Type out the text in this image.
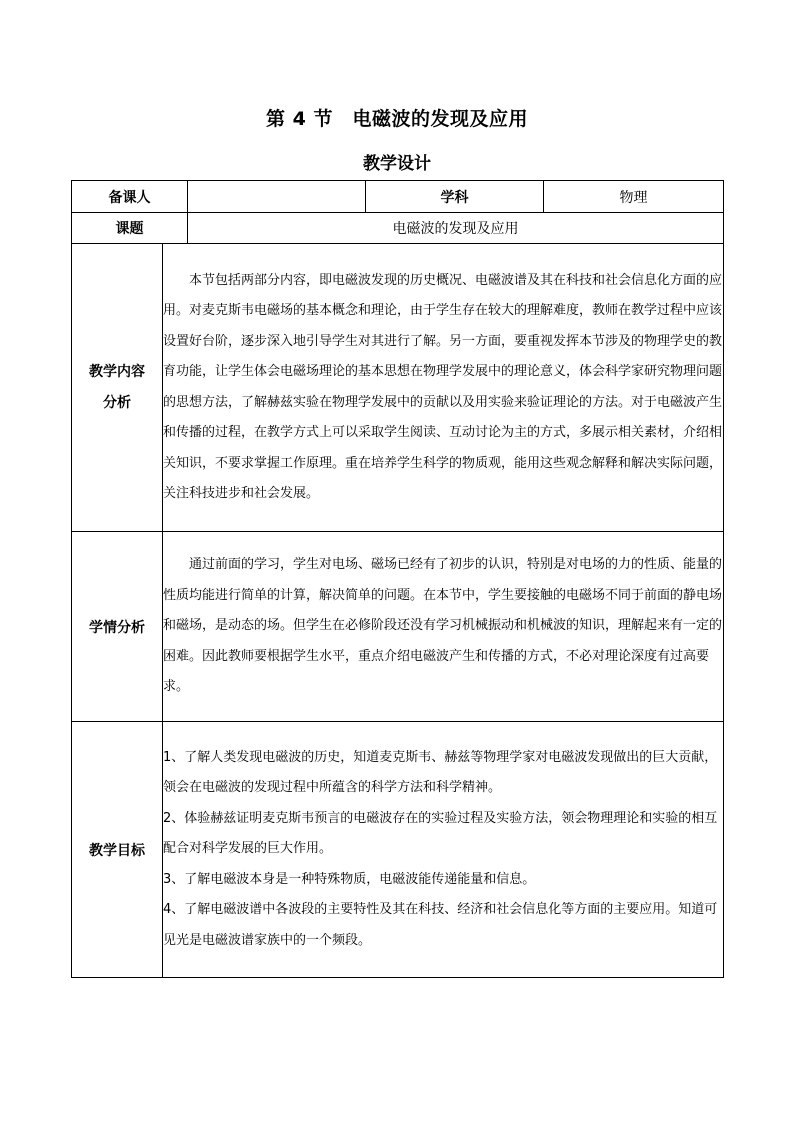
第 4 节　电磁波的发现及应用
教学设计
备课人			学科	物理
课题		电磁波的发现及应用		

教学内容
分析	本节包括两部分内容，即电磁波发现的历史概况、电磁波谱及其在科技和社会信息化方面的应用。对麦克斯韦电磁场的基本概念和理论，由于学生存在较大的理解难度，教师在教学过程中应该设置好台阶，逐步深入地引导学生对其进行了解。另一方面，要重视发挥本节涉及的物理学史的教育功能，让学生体会电磁场理论的基本思想在物理学发展中的理论意义，体会科学家研究物理问题的思想方法，了解赫兹实验在物理学发展中的贡献以及用实验来验证理论的方法。对于电磁波产生和传播的过程，在教学方式上可以采取学生阅读、互动讨论为主的方式，多展示相关素材，介绍相关知识，不要求掌握工作原理。重在培养学生科学的物质观，能用这些观念解释和解决实际问题，关注科技进步和社会发展。			

学情分析	通过前面的学习，学生对电场、磁场已经有了初步的认识，特别是对电场的力的性质、能量的性质均能进行简单的计算，解决简单的问题。在本节中，学生要接触的电磁场不同于前面的静电场和磁场，是动态的场。但学生在必修阶段还没有学习机械振动和机械波的知识，理解起来有一定的困难。因此教师要根据学生水平，重点介绍电磁波产生和传播的方式，不必对理论深度有过高要求。			

教学目标	1、了解人类发现电磁波的历史，知道麦克斯韦、赫兹等物理学家对电磁波发现做出的巨大贡献，领会在电磁波的发现过程中所蕴含的科学方法和科学精神。

2、体验赫兹证明麦克斯韦预言的电磁波存在的实验过程及实验方法，领会物理理论和实验的相互配合对科学发展的巨大作用。

3、了解电磁波本身是一种特殊物质，电磁波能传递能量和信息。

4、了解电磁波谱中各波段的主要特性及其在科技、经济和社会信息化等方面的主要应用。知道可见光是电磁波谱家族中的一个频段。			
